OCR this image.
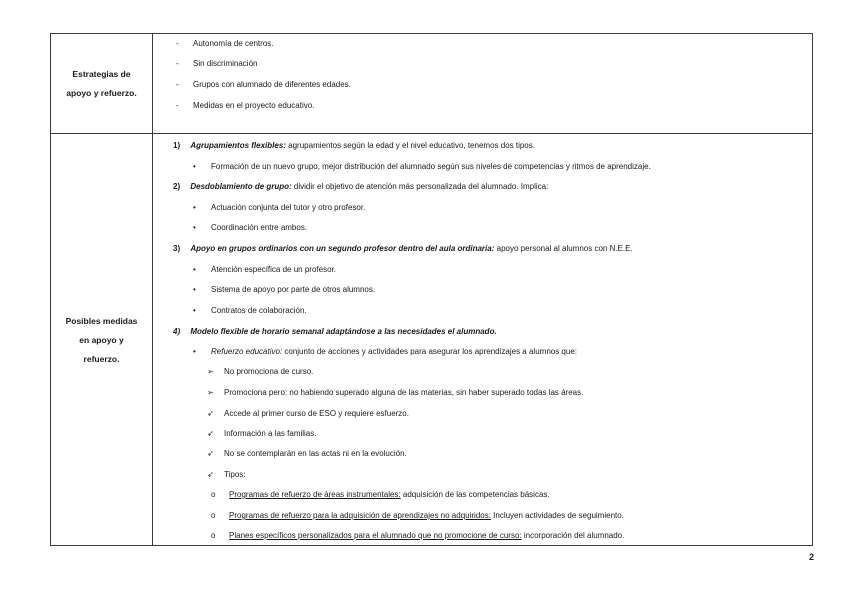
Estrategias de
apoyo y refuerzo.
Posibles medidas
en apoyo y
refuerzo.
- Autonomía de centros.
- Sin discriminación
- Grupos con alumnado de diferentes edades.
- Medidas en el proyecto educativo.
1) Agrupamientos flexibles: agrupamientos según la edad y el nivel educativo, tenemos dos tipos.
• Formación de un nuevo grupo, mejor distribución del alumnado según sus niveles de competencias y ritmos de aprendizaje.
2) Desdoblamiento de grupo: dividir el objetivo de atención más personalizada del alumnado. Implica:
• Actuación conjunta del tutor y otro profesor.
• Coordinación entre ambos.
3) Apoyo en grupos ordinarios con un segundo profesor dentro del aula ordinaria: apoyo personal al alumnos con N.E.E.
• Atención específica de un profesor.
• Sistema de apoyo por parte de otros alumnos.
• Contratos de colaboración.
4) Modelo flexible de horario semanal adaptándose a las necesidades el alumnado.
• Refuerzo educativo: conjunto de acciones y actividades para asegurar los aprendizajes a alumnos que:
➢ No promociona de curso.
➢ Promociona pero: no habiendo superado alguna de las materias, sin haber superado todas las áreas.
➶ Accede al primer curso de ESO y requiere esfuerzo.
➶ Información a las familias.
➶ No se contemplarán en las actas ni en la evolución.
➶ Tipos:
o Programas de refuerzo de áreas instrumentales: adquisición de las competencias básicas.
o Programas de refuerzo para la adquisición de aprendizajes no adquiridos: Incluyen actividades de seguimiento.
o Planes específicos personalizados para el alumnado que no promocione de curso: incorporación del alumnado.
2
